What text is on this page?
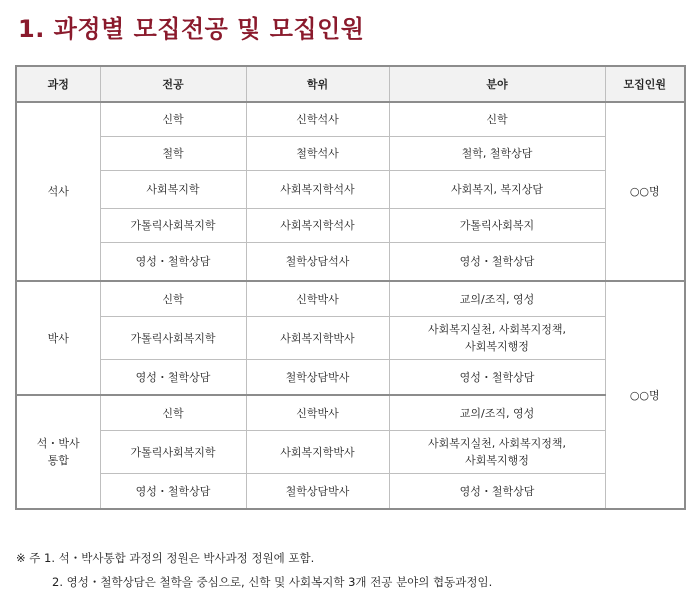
1. 과정별 모집전공 및 모집인원
과정	전공	학위	분야	모집인원
석사	신학	신학석사	신학	○○명
	철학	철학석사	철학, 철학상담	
	사회복지학	사회복지학석사	사회복지, 복지상담	
	가톨릭사회복지학	사회복지학석사	가톨릭사회복지	
	영성・철학상담	철학상담석사	영성・철학상담	
박사	신학	신학박사	교의/조직, 영성	○○명
	가톨릭사회복지학	사회복지학박사	사회복지실천, 사회복지정책,
사회복지행정	

	영성・철학상담	철학상담박사	영성・철학상담	

석・박사
통합	신학	신학박사	교의/조직, 영성	
	가톨릭사회복지학	사회복지학박사	사회복지실천, 사회복지정책,
사회복지행정	

	영성・철학상담	철학상담박사	영성・철학상담	
※ 주 1. 석・박사통합 과정의 정원은 박사과정 정원에 포함.
2. 영성・철학상담은 철학을 중심으로, 신학 및 사회복지학 3개 전공 분야의 협동과정임.
